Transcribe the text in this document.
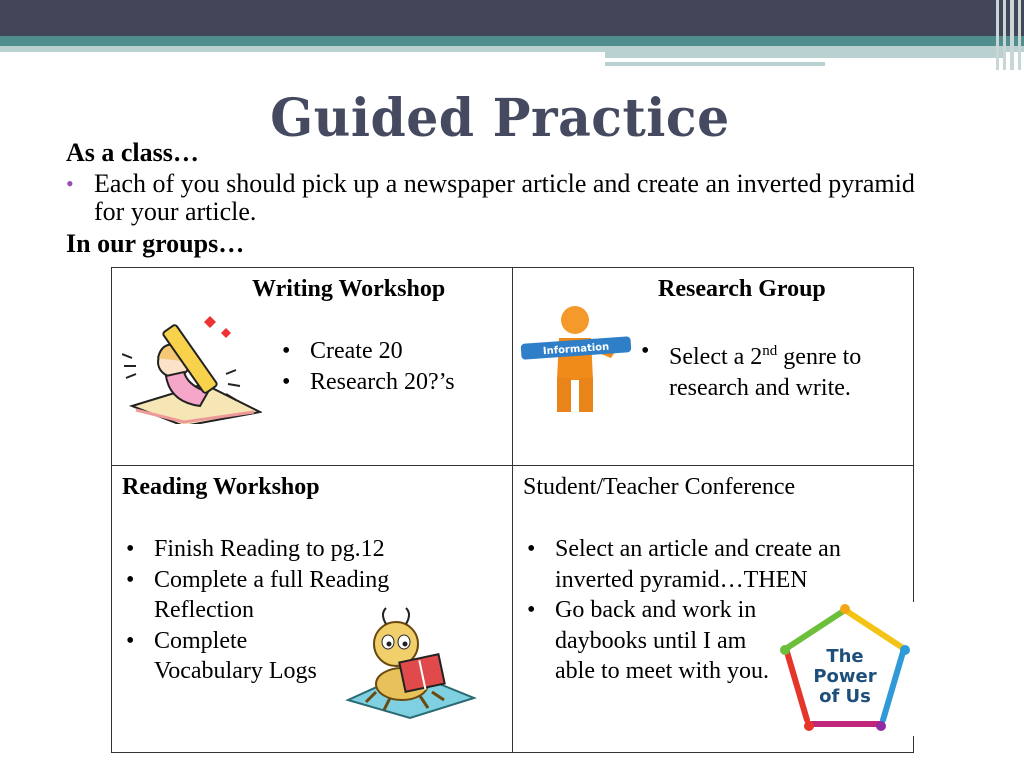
Guided Practice
As a class…
• Each of you should pick up a newspaper article and create an inverted pyramid for your article.
In our groups…
Writing Workshop
• Create 20
• Research 20?’s

Research Group
Information
•	Select a 2nd genre to research and write.

Reading Workshop
• Finish Reading to pg.12
• Complete a full Reading Reflection
• Complete Vocabulary Logs

Student/Teacher Conference
• Select an article and create an inverted pyramid…THEN
• Go back and work in daybooks until I am able to meet with you.
The
Power
of Us
